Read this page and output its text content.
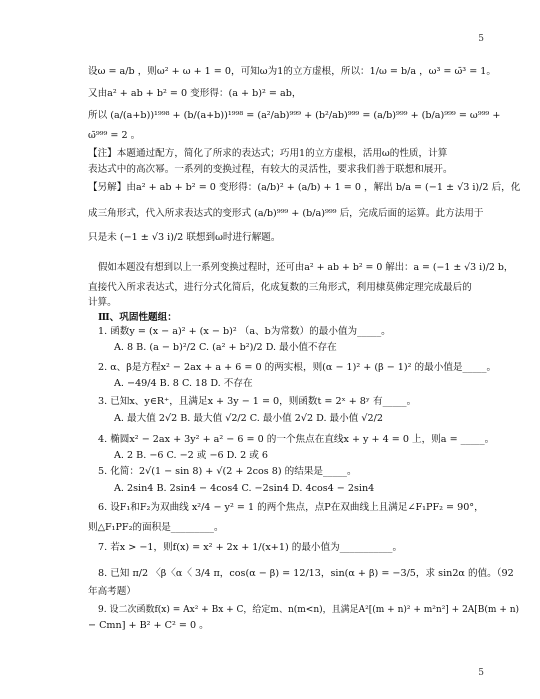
5
设ω = a/b ，则ω² + ω + 1 = 0，可知ω为1的立方虚根，所以：1/ω = b/a ，ω³ = ω̄³ = 1。
又由a² + ab + b² = 0 变形得：(a + b)² = ab，
所以 (a/(a+b))¹⁹⁹⁸ + (b/(a+b))¹⁹⁹⁸ = (a²/ab)⁹⁹⁹ + (b²/ab)⁹⁹⁹ = (a/b)⁹⁹⁹ + (b/a)⁹⁹⁹ = ω⁹⁹⁹ +
ω̄⁹⁹⁹ = 2 。
【注】本题通过配方，简化了所求的表达式；巧用1的立方虚根，活用ω的性质，计算
表达式中的高次幂。一系列的变换过程，有较大的灵活性，要求我们善于联想和展开。
【另解】由a² + ab + b² = 0 变形得：(a/b)² + (a/b) + 1 = 0 ，解出 b/a = (−1 ± √3 i)/2 后，化
成三角形式，代入所求表达式的变形式 (a/b)⁹⁹⁹ + (b/a)⁹⁹⁹ 后，完成后面的运算。此方法用于
只是未 (−1 ± √3 i)/2 联想到ω时进行解题。
假如本题没有想到以上一系列变换过程时，还可由a² + ab + b² = 0 解出：a = (−1 ± √3 i)/2 b，
直接代入所求表达式，进行分式化简后，化成复数的三角形式，利用棣莫佛定理完成最后的
计算。
Ⅲ、巩固性题组：
1. 函数y = (x − a)² + (x − b)² （a、b为常数）的最小值为_____。
A. 8 B. (a − b)²/2 C. (a² + b²)/2 D. 最小值不存在
2. α、β是方程x² − 2ax + a + 6 = 0 的两实根，则(α − 1)² + (β − 1)² 的最小值是_____。
A. −49/4 B. 8 C. 18 D. 不存在
3. 已知x、y∈R⁺，且满足x + 3y − 1 = 0，则函数t = 2ˣ + 8ʸ 有_____。
A. 最大值 2√2 B. 最大值 √2/2 C. 最小值 2√2 D. 最小值 √2/2
4. 椭圆x² − 2ax + 3y² + a² − 6 = 0 的一个焦点在直线x + y + 4 = 0 上，则a = _____。
A. 2 B. −6 C. −2 或 −6 D. 2 或 6
5. 化简：2√(1 − sin 8) + √(2 + 2cos 8) 的结果是_____。
A. 2sin4 B. 2sin4 − 4cos4 C. −2sin4 D. 4cos4 − 2sin4
6. 设F₁和F₂为双曲线 x²/4 − y² = 1 的两个焦点，点P在双曲线上且满足∠F₁PF₂ = 90°，
则△F₁PF₂的面积是_________。
7. 若x > −1，则f(x) = x² + 2x + 1/(x+1) 的最小值为___________。
8. 已知 π/2 〈β〈α〈 3/4 π，cos(α − β) = 12/13，sin(α + β) = −3/5，求 sin2α 的值。（92
年高考题）
9. 设二次函数f(x) = Ax² + Bx + C，给定m、n(m<n)，且满足A²[(m + n)² + m²n²] + 2A[B(m + n)
− Cmn] + B² + C² = 0 。
5
